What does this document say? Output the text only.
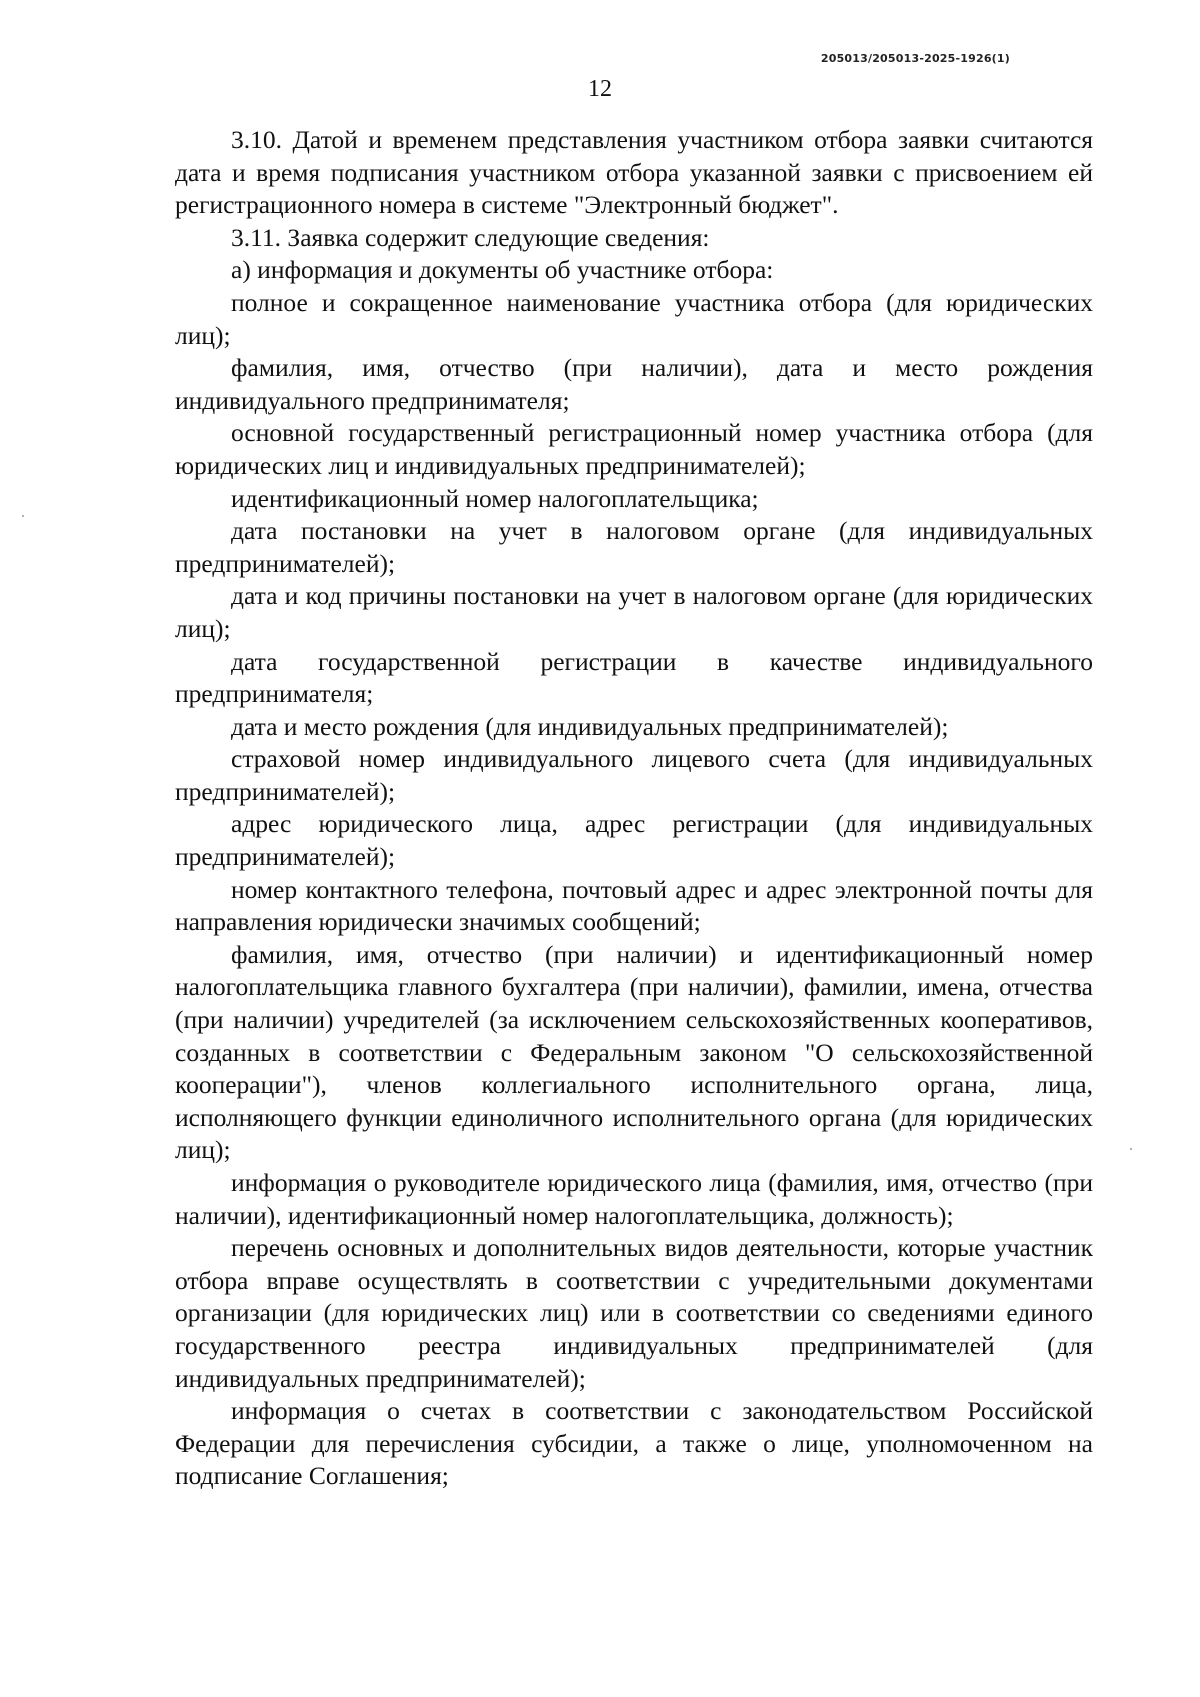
205013/205013-2025-1926(1)
12

3.10. Датой и временем представления участником отбора заявки считаются дата и время подписания участником отбора указанной заявки с присвоением ей регистрационного номера в системе "Электронный бюджет".

3.11. Заявка содержит следующие сведения:

а) информация и документы об участнике отбора:

полное и сокращенное наименование участника отбора (для юридических лиц);

фамилия, имя, отчество (при наличии), дата и место рождения индивидуального предпринимателя;

основной государственный регистрационный номер участника отбора (для юридических лиц и индивидуальных предпринимателей);

идентификационный номер налогоплательщика;

дата постановки на учет в налоговом органе (для индивидуальных предпринимателей);

дата и код причины постановки на учет в налоговом органе (для юридических лиц);

дата государственной регистрации в качестве индивидуального предпринимателя;

дата и место рождения (для индивидуальных предпринимателей);

страховой номер индивидуального лицевого счета (для индивидуальных предпринимателей);

адрес юридического лица, адрес регистрации (для индивидуальных предпринимателей);

номер контактного телефона, почтовый адрес и адрес электронной почты для направления юридически значимых сообщений;

фамилия, имя, отчество (при наличии) и идентификационный номер налогоплательщика главного бухгалтера (при наличии), фамилии, имена, отчества (при наличии) учредителей (за исключением сельскохозяйственных кооперативов, созданных в соответствии с Федеральным законом "О сельскохозяйственной кооперации"), членов коллегиального исполнительного органа, лица, исполняющего функции единоличного исполнительного органа (для юридических лиц);

информация о руководителе юридического лица (фамилия, имя, отчество (при наличии), идентификационный номер налогоплательщика, должность);

перечень основных и дополнительных видов деятельности, которые участник отбора вправе осуществлять в соответствии с учредительными документами организации (для юридических лиц) или в соответствии со сведениями единого государственного реестра индивидуальных предпринимателей (для индивидуальных предпринимателей);

информация о счетах в соответствии с законодательством Российской Федерации для перечисления субсидии, а также о лице, уполномоченном на подписание Соглашения;
